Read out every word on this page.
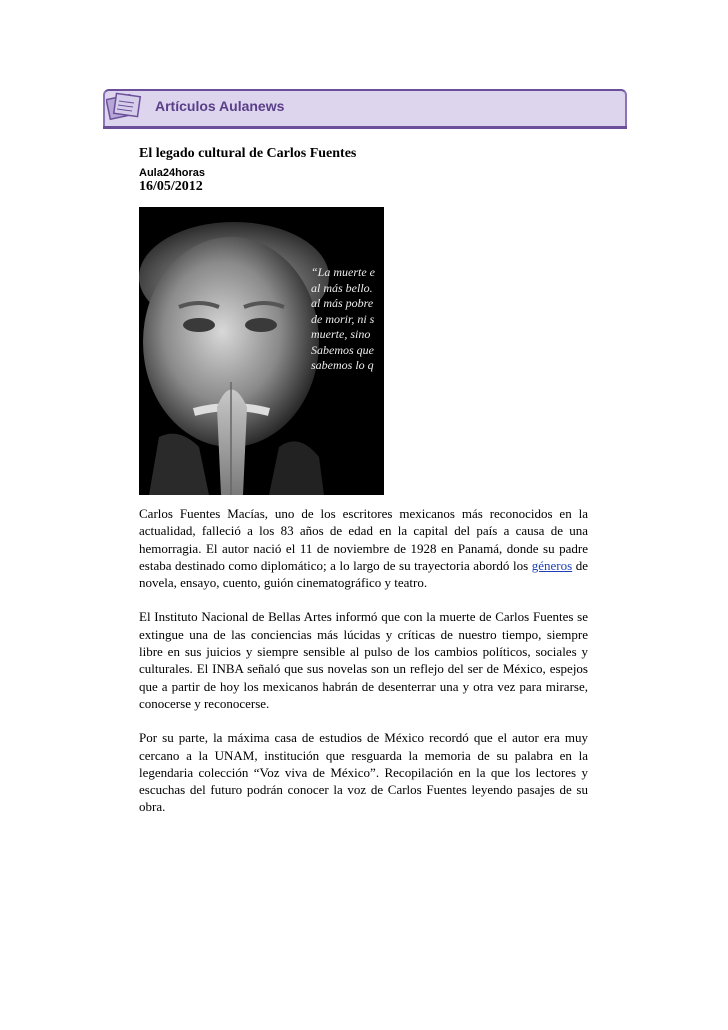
Artículos Aulanews
El legado cultural de Carlos Fuentes
Aula24horas
16/05/2012
“La muerte e
al más bello.
al más pobre
de morir, ni s
muerte, sino
Sabemos que
sabemos lo q

Carlos Fuentes Macías, uno de los escritores mexicanos más reconocidos en la actualidad, falleció a los 83 años de edad en la capital del país a causa de una hemorragia. El autor nació el 11 de noviembre de 1928 en Panamá, donde su padre estaba destinado como diplomático; a lo largo de su trayectoria abordó los géneros de novela, ensayo, cuento, guión cinematográfico y teatro.

El Instituto Nacional de Bellas Artes informó que con la muerte de Carlos Fuentes se extingue una de las conciencias más lúcidas y críticas de nuestro tiempo, siempre libre en sus juicios y siempre sensible al pulso de los cambios políticos, sociales y culturales. El INBA señaló que sus novelas son un reflejo del ser de México, espejos que a partir de hoy los mexicanos habrán de desenterrar una y otra vez para mirarse, conocerse y reconocerse.

Por su parte, la máxima casa de estudios de México recordó que el autor era muy cercano a la UNAM, institución que resguarda la memoria de su palabra en la legendaria colección “Voz viva de México”. Recopilación en la que los lectores y escuchas del futuro podrán conocer la voz de Carlos Fuentes leyendo pasajes de su obra.
